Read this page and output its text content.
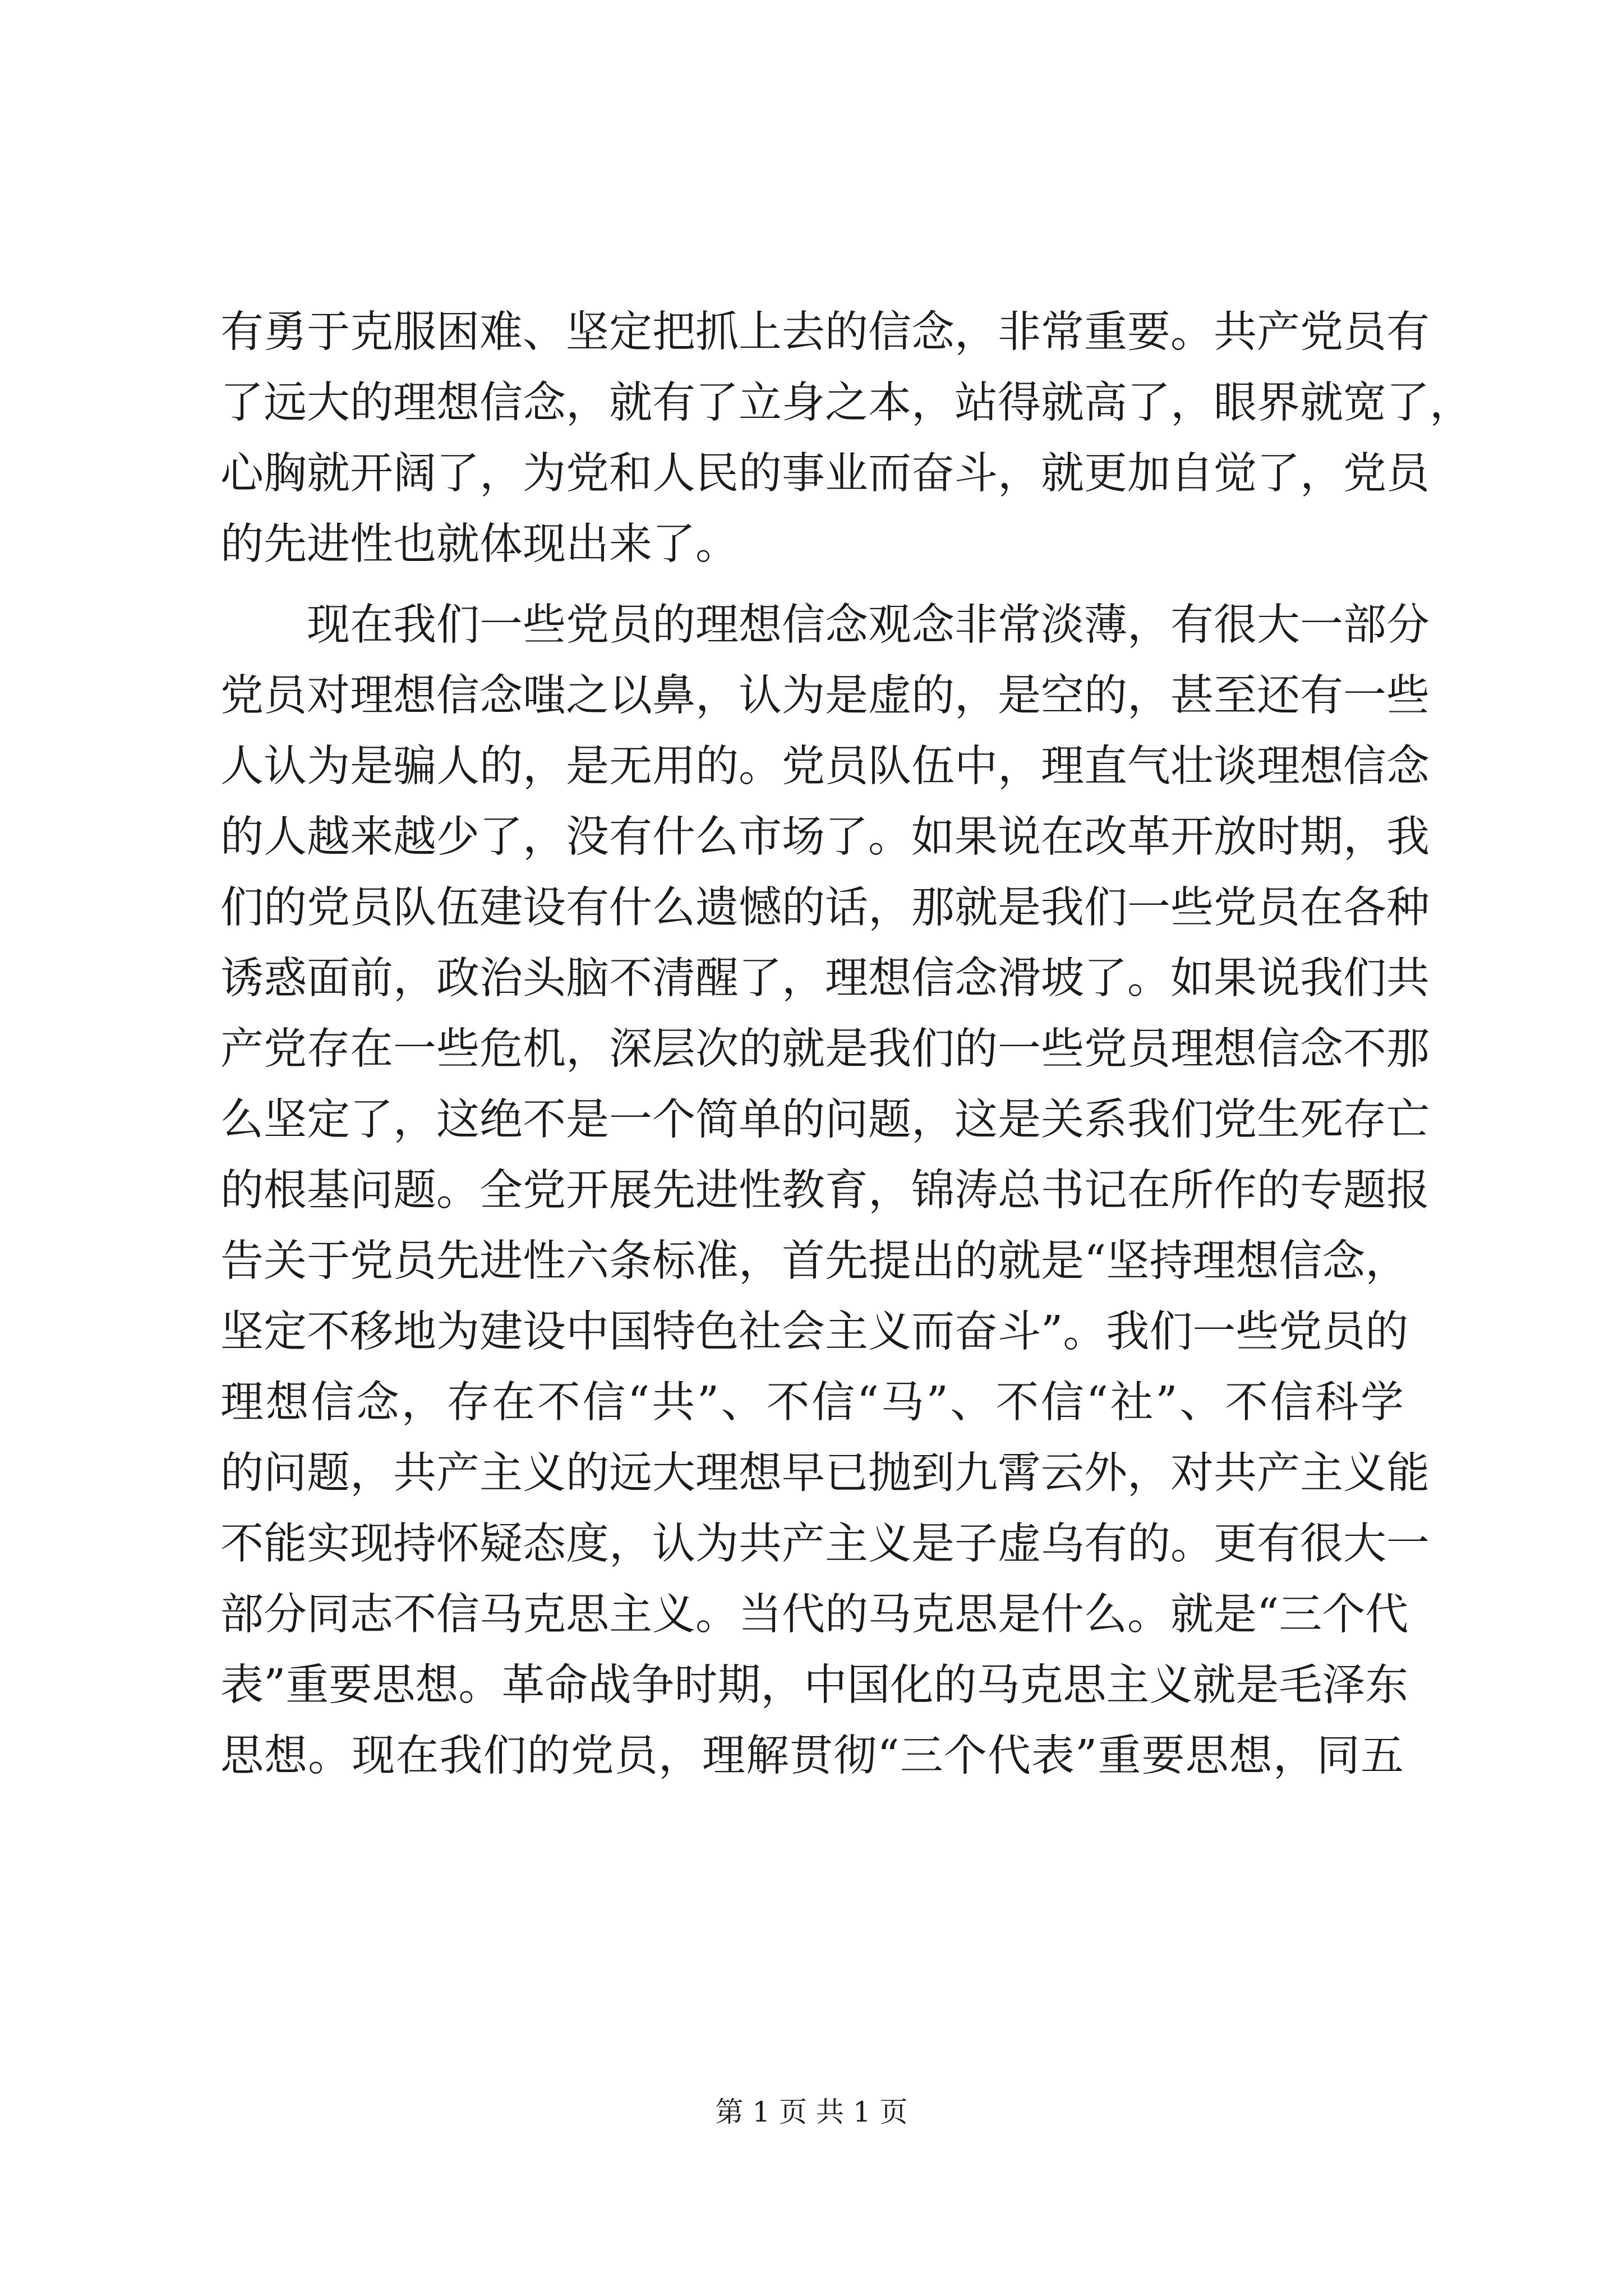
有勇于克服困难、坚定把抓上去的信念，非常重要。共产党员有
了远大的理想信念，就有了立身之本，站得就高了，眼界就宽了，
心胸就开阔了，为党和人民的事业而奋斗，就更加自觉了，党员
的先进性也就体现出来了。
现在我们一些党员的理想信念观念非常淡薄，有很大一部分
党员对理想信念嗤之以鼻，认为是虚的，是空的，甚至还有一些
人认为是骗人的，是无用的。党员队伍中，理直气壮谈理想信念
的人越来越少了，没有什么市场了。如果说在改革开放时期，我
们的党员队伍建设有什么遗憾的话，那就是我们一些党员在各种
诱惑面前，政治头脑不清醒了，理想信念滑坡了。如果说我们共
产党存在一些危机，深层次的就是我们的一些党员理想信念不那
么坚定了，这绝不是一个简单的问题，这是关系我们党生死存亡
的根基问题。全党开展先进性教育，锦涛总书记在所作的专题报
告关于党员先进性六条标准，首先提出的就是“坚持理想信念，
坚定不移地为建设中国特色社会主义而奋斗”。我们一些党员的
理想信念，存在不信“共”、不信“马”、不信“社”、不信科学
的问题，共产主义的远大理想早已抛到九霄云外，对共产主义能
不能实现持怀疑态度，认为共产主义是子虚乌有的。更有很大一
部分同志不信马克思主义。当代的马克思是什么。就是“三个代
表”重要思想。革命战争时期，中国化的马克思主义就是毛泽东
思想。现在我们的党员，理解贯彻“三个代表”重要思想，同五
第 1 页 共 1 页
